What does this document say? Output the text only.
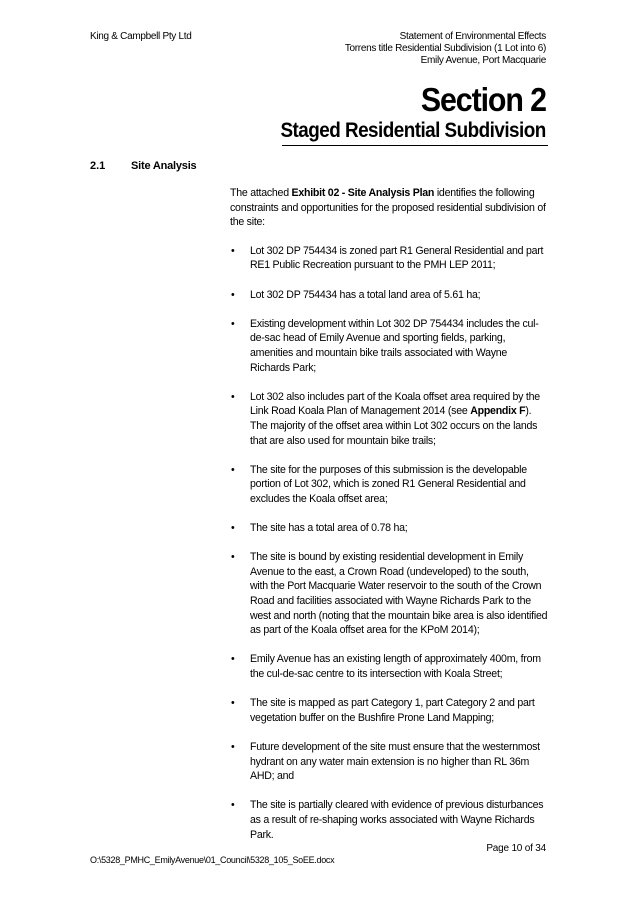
King & Campbell Pty Ltd	Statement of Environmental Effects
Torrens title Residential Subdivision (1 Lot into 6)
Emily Avenue, Port Macquarie
Section 2
Staged Residential Subdivision
2.1 Site Analysis

The attached Exhibit 02 - Site Analysis Plan identifies the following constraints and opportunities for the proposed residential subdivision of the site:

• Lot 302 DP 754434 is zoned part R1 General Residential and part RE1 Public Recreation pursuant to the PMH LEP 2011;
• Lot 302 DP 754434 has a total land area of 5.61 ha;
• Existing development within Lot 302 DP 754434 includes the cul-de-sac head of Emily Avenue and sporting fields, parking, amenities and mountain bike trails associated with Wayne Richards Park;
• Lot 302 also includes part of the Koala offset area required by the Link Road Koala Plan of Management 2014 (see Appendix F). The majority of the offset area within Lot 302 occurs on the lands that are also used for mountain bike trails;
• The site for the purposes of this submission is the developable portion of Lot 302, which is zoned R1 General Residential and excludes the Koala offset area;
• The site has a total area of 0.78 ha;
• The site is bound by existing residential development in Emily Avenue to the east, a Crown Road (undeveloped) to the south, with the Port Macquarie Water reservoir to the south of the Crown Road and facilities associated with Wayne Richards Park to the west and north (noting that the mountain bike area is also identified as part of the Koala offset area for the KPoM 2014);
• Emily Avenue has an existing length of approximately 400m, from the cul-de-sac centre to its intersection with Koala Street;
• The site is mapped as part Category 1, part Category 2 and part vegetation buffer on the Bushfire Prone Land Mapping;
• Future development of the site must ensure that the westernmost hydrant on any water main extension is no higher than RL 36m AHD; and
• The site is partially cleared with evidence of previous disturbances as a result of re-shaping works associated with Wayne Richards Park.
Page 10 of 34
O:\5328_PMHC_EmilyAvenue\01_Council\5328_105_SoEE.docx
